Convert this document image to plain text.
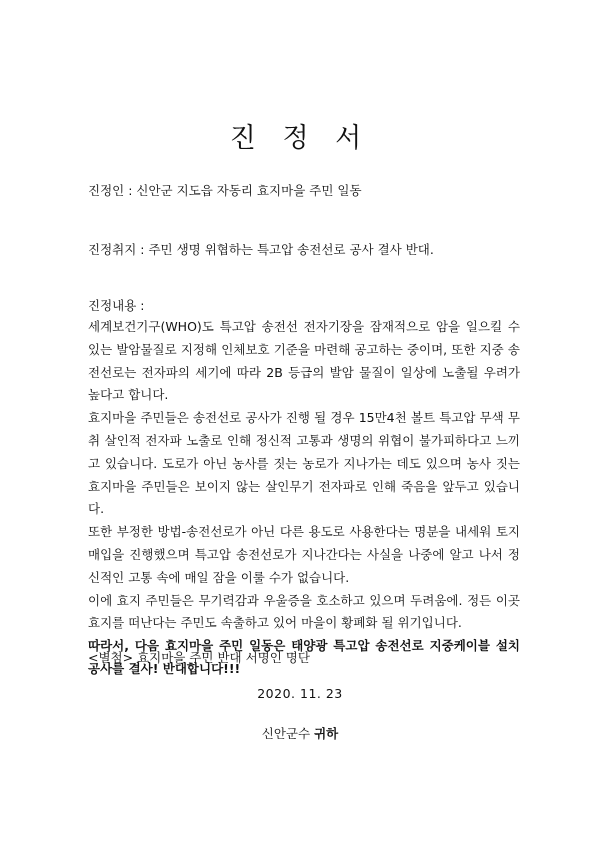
진 정 서
진정인 : 신안군 지도읍 자동리 효지마을 주민 일동
진정취지 : 주민 생명 위협하는 특고압 송전선로 공사 결사 반대.
진정내용 :

세계보건기구(WHO)도 특고압 송전선 전자기장을 잠재적으로 암을 일으킬 수 있는 발암물질로 지정해 인체보호 기준을 마련해 공고하는 중이며, 또한 지중 송전선로는 전자파의 세기에 따라 2B 등급의 발암 물질이 일상에 노출될 우려가 높다고 합니다.

효지마을 주민들은 송전선로 공사가 진행 될 경우 15만4천 볼트 특고압 무색 무취 살인적 전자파 노출로 인해 정신적 고통과 생명의 위협이 불가피하다고 느끼고 있습니다. 도로가 아닌 농사를 짓는 농로가 지나가는 데도 있으며 농사 짓는 효지마을 주민들은 보이지 않는 살인무기 전자파로 인해 죽음을 앞두고 있습니다.

또한 부정한 방법-송전선로가 아닌 다른 용도로 사용한다는 명분을 내세워 토지 매입을 진행했으며 특고압 송전선로가 지나간다는 사실을 나중에 알고 나서 정신적인 고통 속에 매일 잠을 이룰 수가 없습니다.

이에 효지 주민들은 무기력감과 우울증을 호소하고 있으며 두려움에. 정든 이곳 효지를 떠난다는 주민도 속출하고 있어 마을이 황폐화 될 위기입니다.

따라서, 다음 효지마을 주민 일동은 태양광 특고압 송전선로 지중케이블 설치 공사를 결사! 반대합니다!!!

<별첨> 효지마을 주민 반대 서명인 명단
2020. 11. 23
신안군수 귀하
